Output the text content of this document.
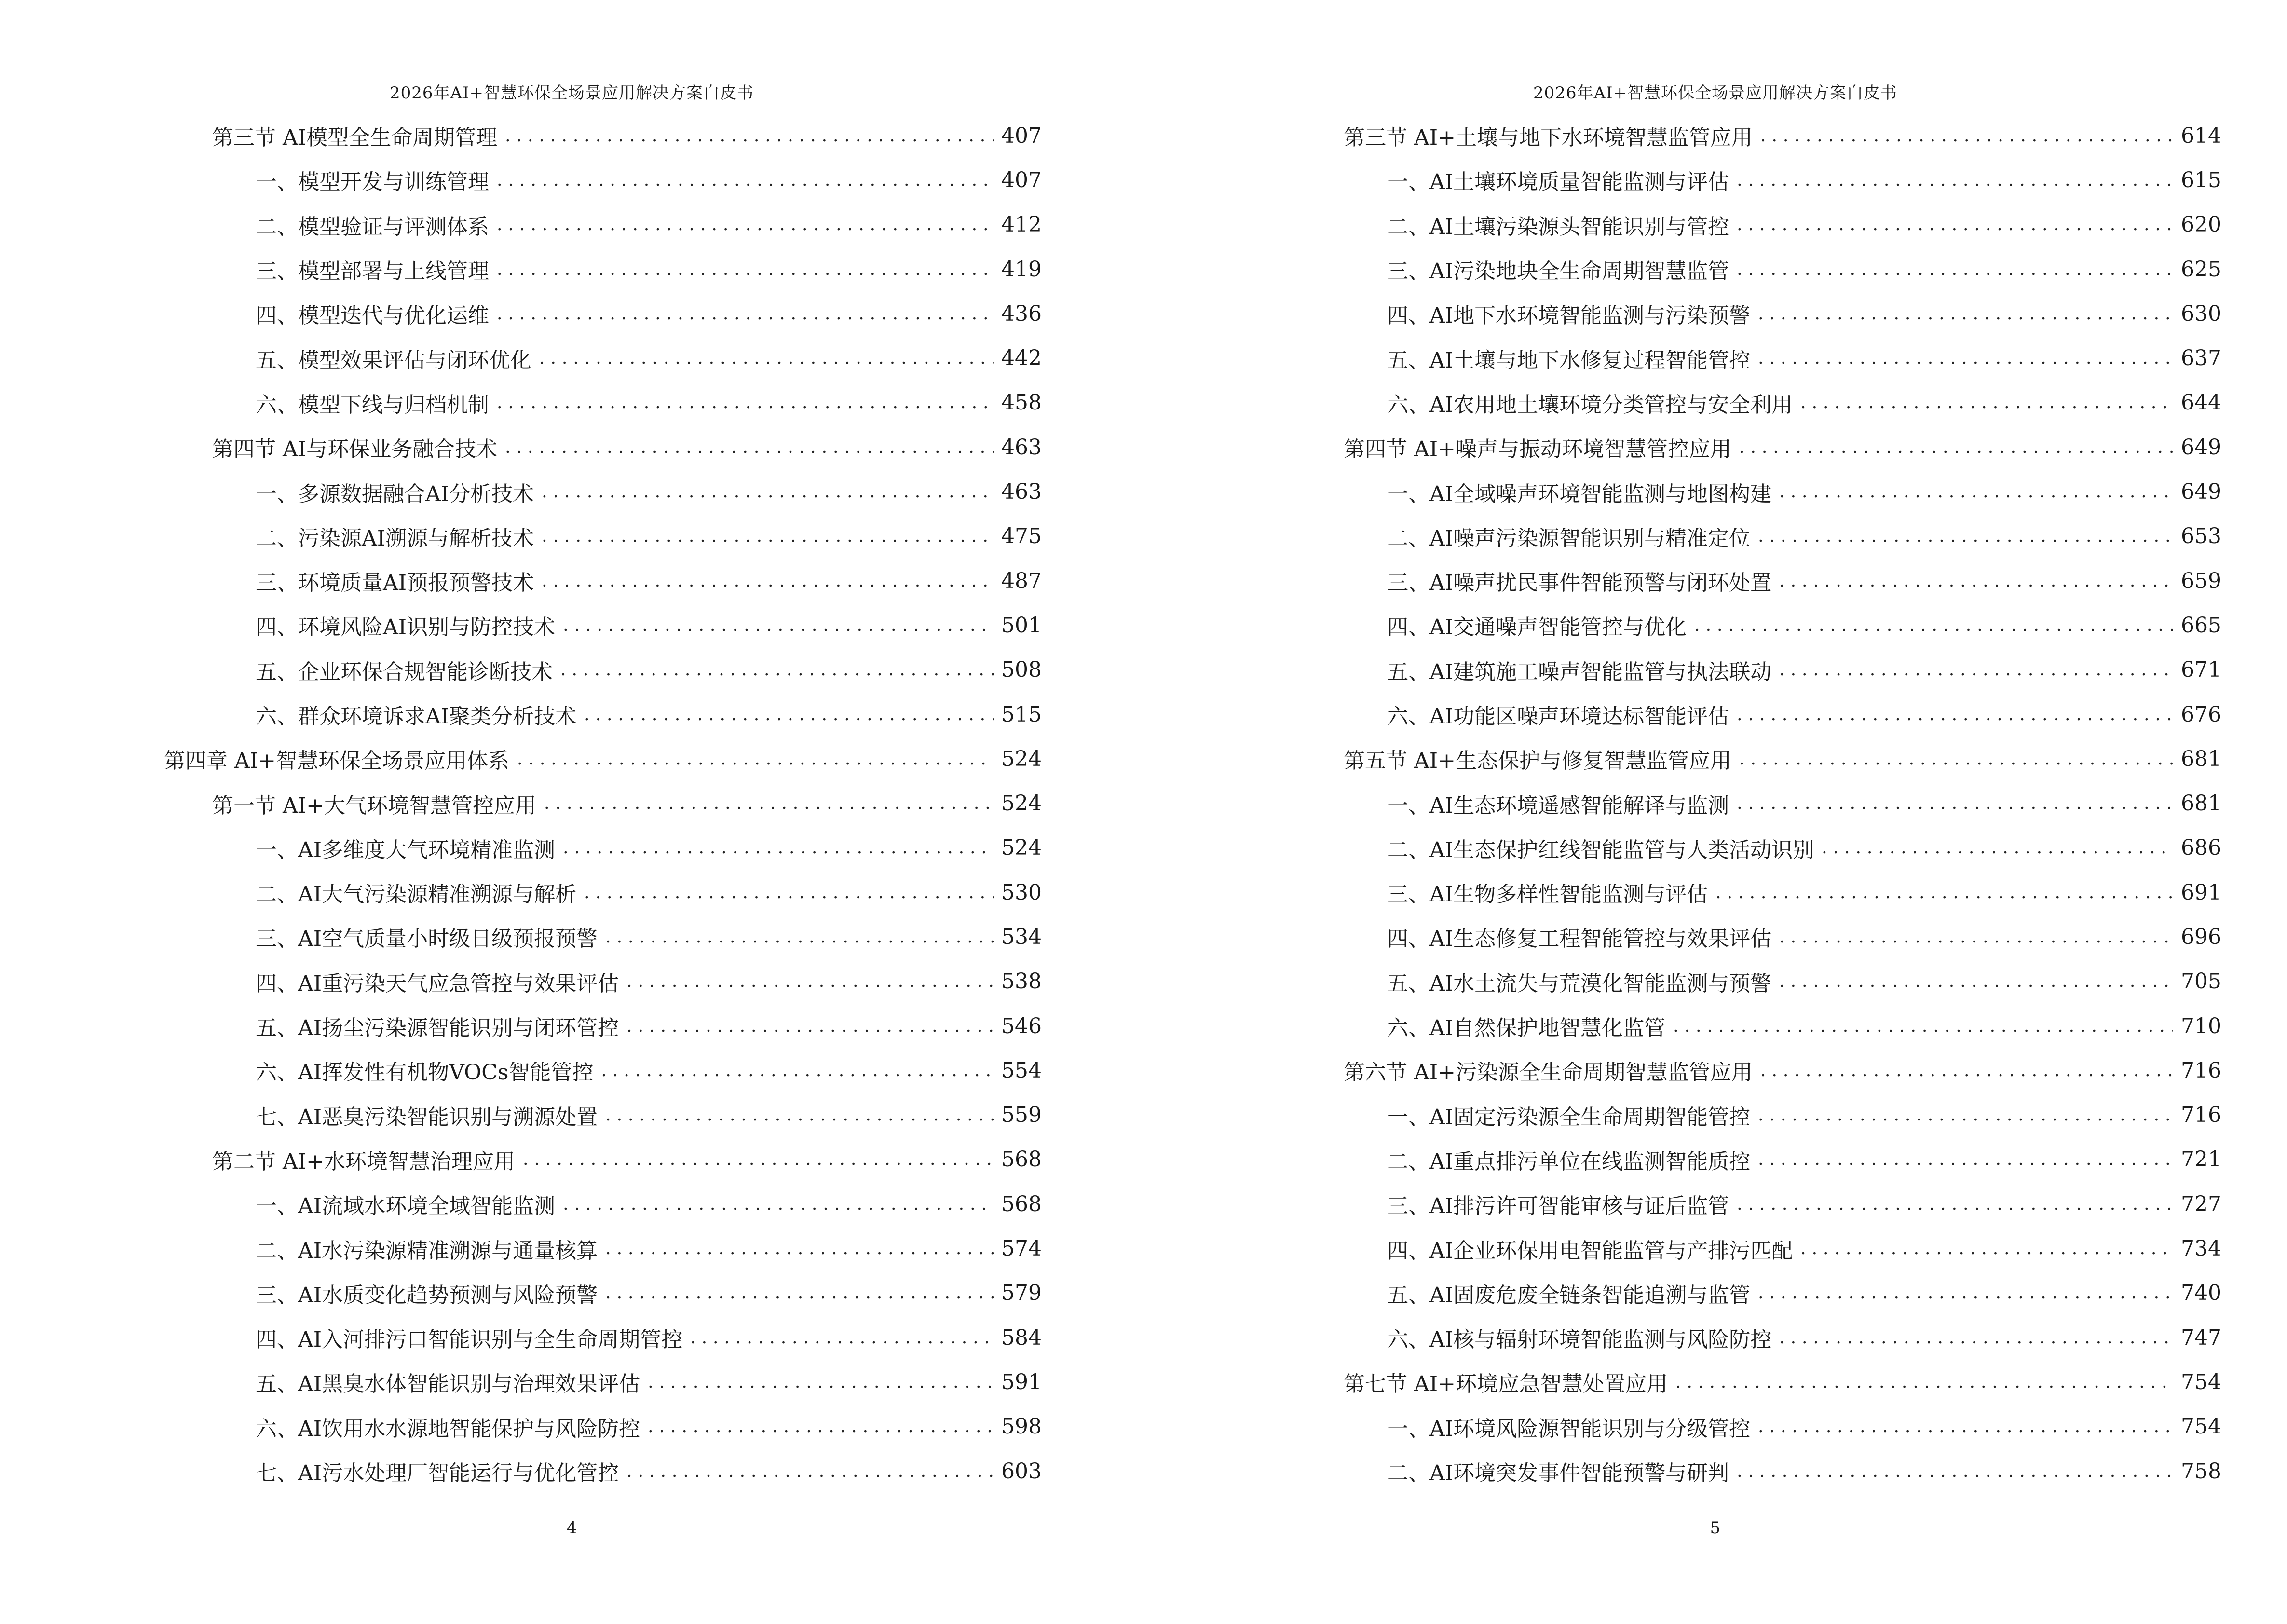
2026年AI+智慧环保全场景应用解决方案白皮书
第三节 AI模型全生命周期管理 .....	407
一、模型开发与训练管理 .....	407
二、模型验证与评测体系 .....	412
三、模型部署与上线管理 .....	419
四、模型迭代与优化运维 .....	436
五、模型效果评估与闭环优化 .....	442
六、模型下线与归档机制 .....	458
第四节 AI与环保业务融合技术 .....	463
一、多源数据融合AI分析技术 .....	463
二、污染源AI溯源与解析技术 .....	475
三、环境质量AI预报预警技术 .....	487
四、环境风险AI识别与防控技术 .....	501
五、企业环保合规智能诊断技术 .....	508
六、群众环境诉求AI聚类分析技术 .....	515
第四章 AI+智慧环保全场景应用体系 .....	524
第一节 AI+大气环境智慧管控应用 .....	524
一、AI多维度大气环境精准监测 .....	524
二、AI大气污染源精准溯源与解析 .....	530
三、AI空气质量小时级日级预报预警 .....	534
四、AI重污染天气应急管控与效果评估 .....	538
五、AI扬尘污染源智能识别与闭环管控 .....	546
六、AI挥发性有机物VOCs智能管控 .....	554
七、AI恶臭污染智能识别与溯源处置 .....	559
第二节 AI+水环境智慧治理应用 .....	568
一、AI流域水环境全域智能监测 .....	568
二、AI水污染源精准溯源与通量核算 .....	574
三、AI水质变化趋势预测与风险预警 .....	579
四、AI入河排污口智能识别与全生命周期管控 .....	584
五、AI黑臭水体智能识别与治理效果评估 .....	591
六、AI饮用水水源地智能保护与风险防控 .....	598
七、AI污水处理厂智能运行与优化管控 .....	603
4
2026年AI+智慧环保全场景应用解决方案白皮书
第三节 AI+土壤与地下水环境智慧监管应用 .....	614
一、AI土壤环境质量智能监测与评估 .....	615
二、AI土壤污染源头智能识别与管控 .....	620
三、AI污染地块全生命周期智慧监管 .....	625
四、AI地下水环境智能监测与污染预警 .....	630
五、AI土壤与地下水修复过程智能管控 .....	637
六、AI农用地土壤环境分类管控与安全利用 .....	644
第四节 AI+噪声与振动环境智慧管控应用 .....	649
一、AI全域噪声环境智能监测与地图构建 .....	649
二、AI噪声污染源智能识别与精准定位 .....	653
三、AI噪声扰民事件智能预警与闭环处置 .....	659
四、AI交通噪声智能管控与优化 .....	665
五、AI建筑施工噪声智能监管与执法联动 .....	671
六、AI功能区噪声环境达标智能评估 .....	676
第五节 AI+生态保护与修复智慧监管应用 .....	681
一、AI生态环境遥感智能解译与监测 .....	681
二、AI生态保护红线智能监管与人类活动识别 .....	686
三、AI生物多样性智能监测与评估 .....	691
四、AI生态修复工程智能管控与效果评估 .....	696
五、AI水土流失与荒漠化智能监测与预警 .....	705
六、AI自然保护地智慧化监管 .....	710
第六节 AI+污染源全生命周期智慧监管应用 .....	716
一、AI固定污染源全生命周期智能管控 .....	716
二、AI重点排污单位在线监测智能质控 .....	721
三、AI排污许可智能审核与证后监管 .....	727
四、AI企业环保用电智能监管与产排污匹配 .....	734
五、AI固废危废全链条智能追溯与监管 .....	740
六、AI核与辐射环境智能监测与风险防控 .....	747
第七节 AI+环境应急智慧处置应用 .....	754
一、AI环境风险源智能识别与分级管控 .....	754
二、AI环境突发事件智能预警与研判 .....	758
5
